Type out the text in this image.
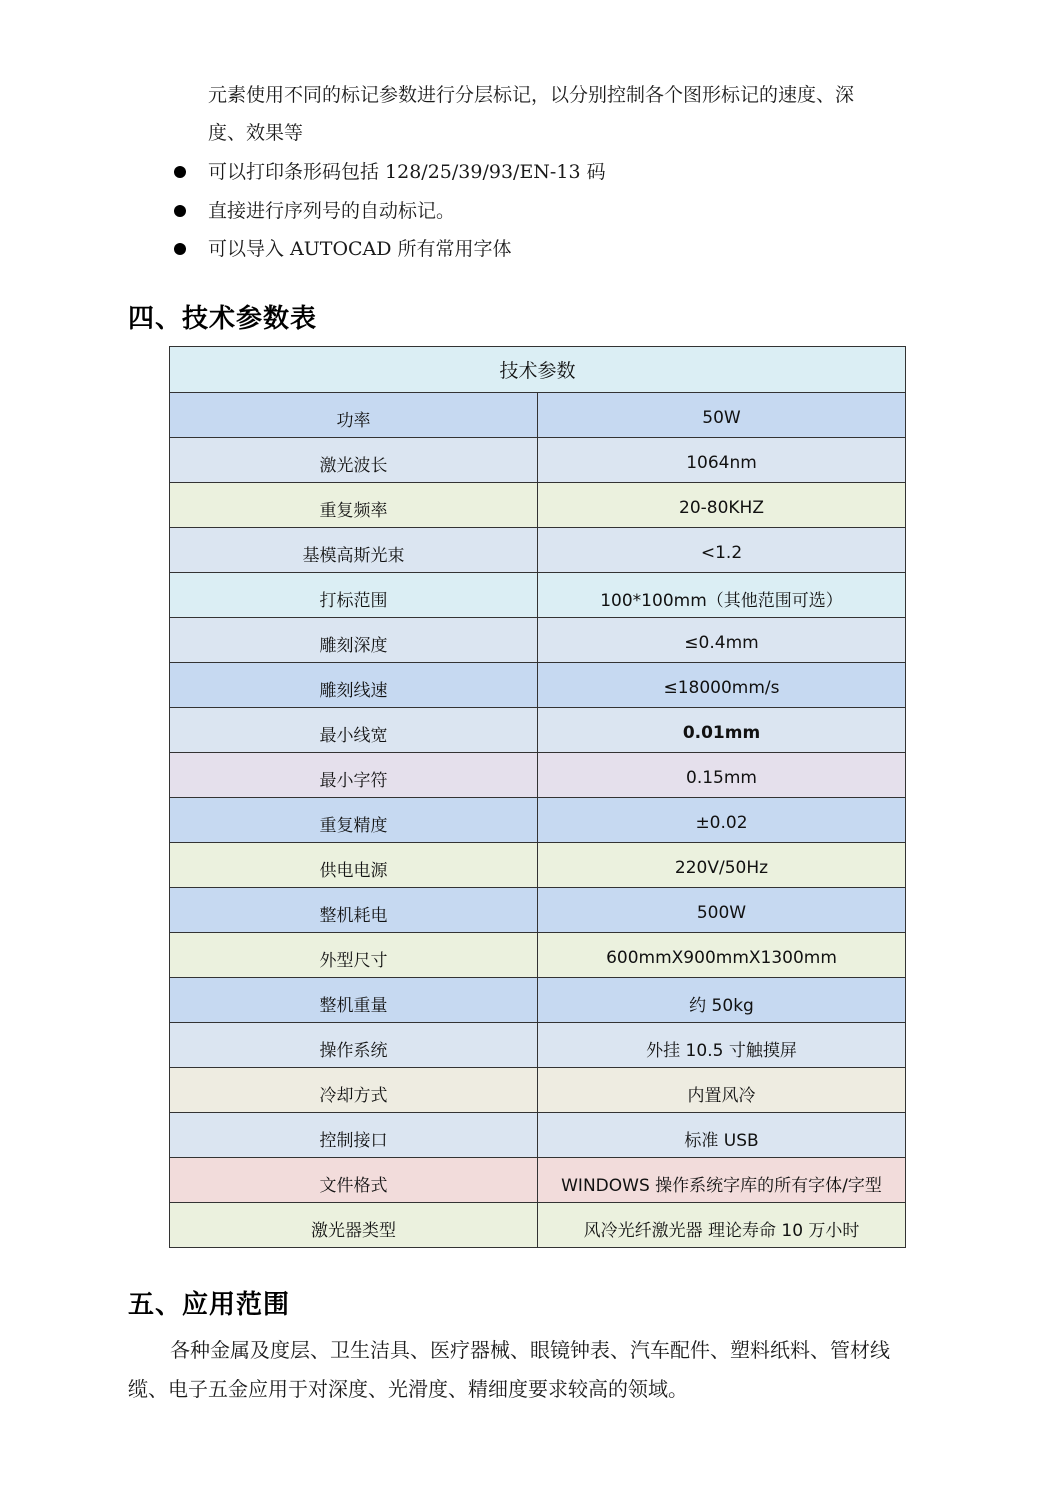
元素使用不同的标记参数进行分层标记，以分别控制各个图形标记的速度、深
度、效果等
可以打印条形码包括 128/25/39/93/EN-13 码
直接进行序列号的自动标记。
可以导入 AUTOCAD 所有常用字体
四、技术参数表
技术参数	
功率	50W
激光波长	1064nm
重复频率	20-80KHZ
基模高斯光束	<1.2
打标范围	100*100mm（其他范围可选）
雕刻深度	≤0.4mm
雕刻线速	≤18000mm/s
最小线宽	0.01mm
最小字符	0.15mm
重复精度	±0.02
供电电源	220V/50Hz
整机耗电	500W
外型尺寸	600mmX900mmX1300mm
整机重量	约 50kg
操作系统	外挂 10.5 寸触摸屏
冷却方式	内置风冷
控制接口	标准 USB
文件格式	WINDOWS 操作系统字库的所有字体/字型
激光器类型	风冷光纤激光器 理论寿命 10 万小时
五、应用范围
各种金属及度层、卫生洁具、医疗器械、眼镜钟表、汽车配件、塑料纸料、管材线
缆、电子五金应用于对深度、光滑度、精细度要求较高的领域。
